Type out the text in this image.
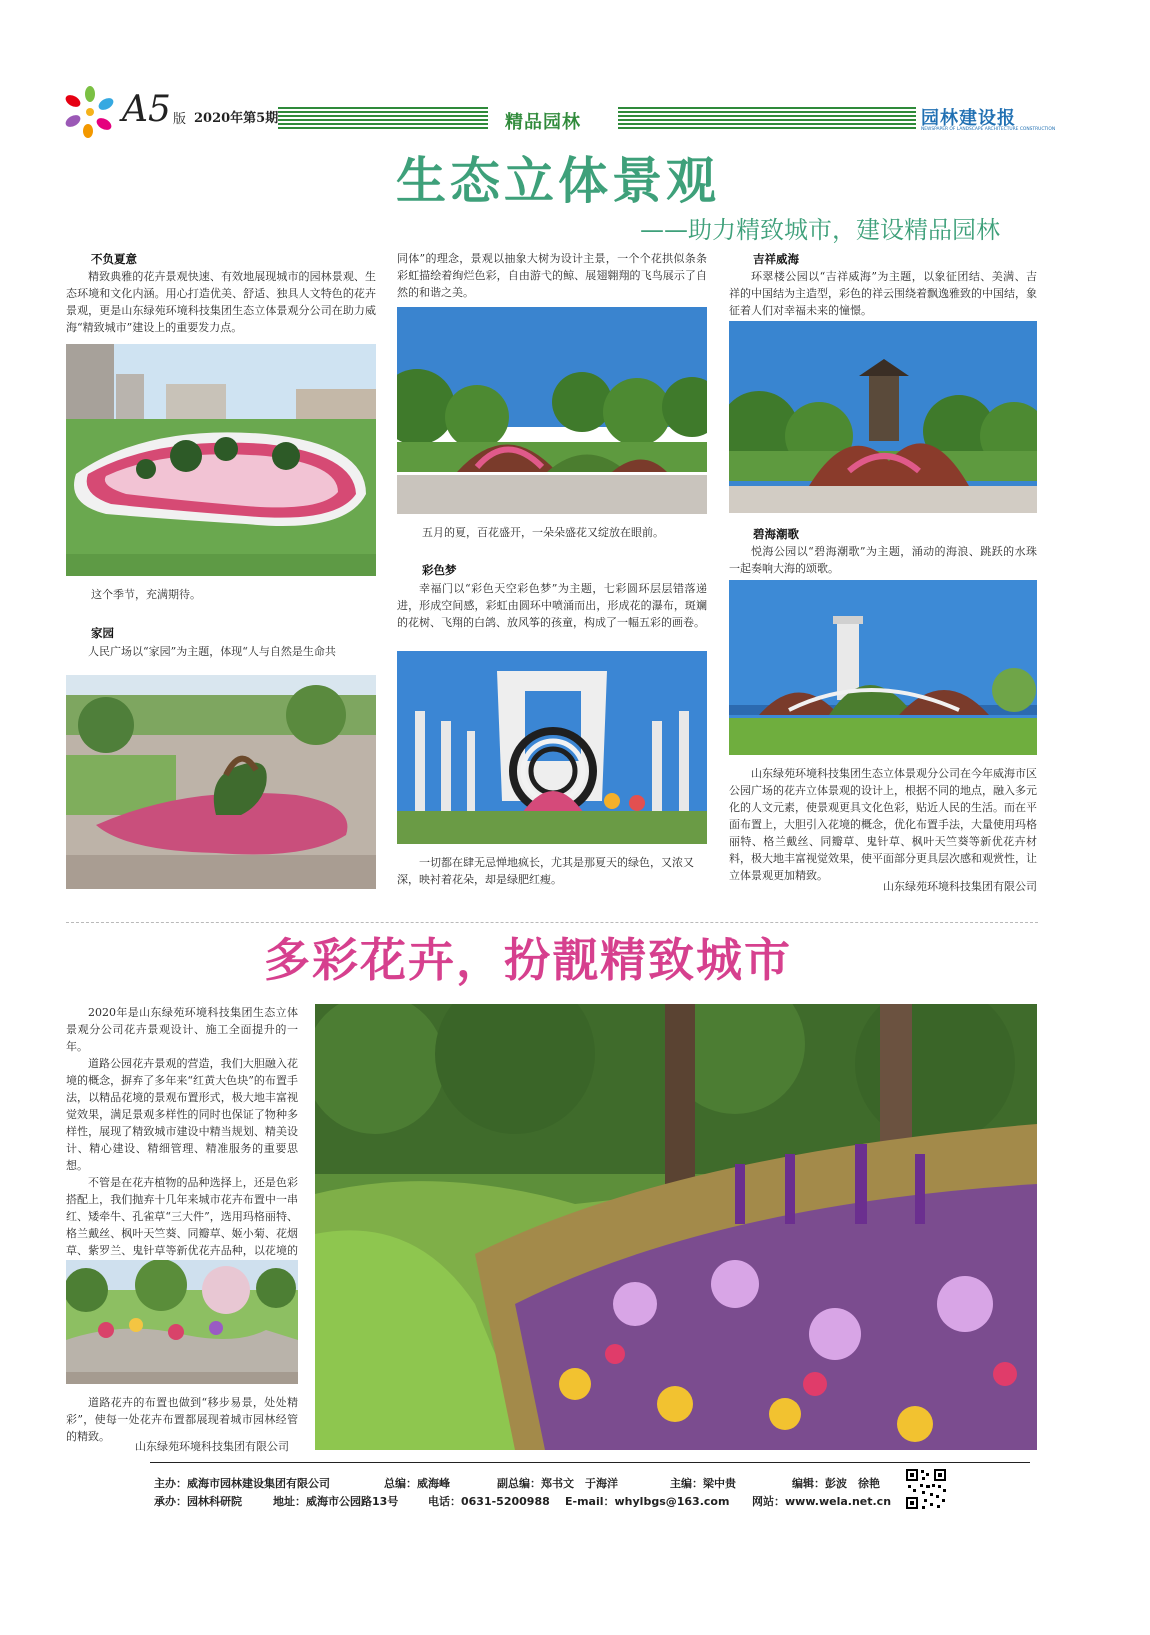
A5 版 2020年第5期	精品园林	园林建设报
NEWSPAPER OF LANDSCAPE ARCHITECTURE CONSTRUCTION
生态立体景观
——助力精致城市，建设精品园林
不负夏意

精致典雅的花卉景观快速、有效地展现城市的园林景观、生态环境和文化内涵。用心打造优美、舒适、独具人文特色的花卉景观，更是山东绿苑环境科技集团生态立体景观分公司在助力威海“精致城市”建设上的重要发力点。

这个季节，充满期待。
家园

人民广场以“家园”为主题，体现“人与自然是生命共

同体”的理念，景观以抽象大树为设计主景，一个个花拱似条条彩虹描绘着绚烂色彩，自由游弋的鲸、展翅翱翔的飞鸟展示了自然的和谐之美。

五月的夏，百花盛开，一朵朵盛花又绽放在眼前。
彩色梦

幸福门以“彩色天空彩色梦”为主题，七彩圆环层层错落递进，形成空间感，彩虹由圆环中喷涌而出，形成花的瀑布，斑斓的花树、飞翔的白鸽、放风筝的孩童，构成了一幅五彩的画卷。

一切都在肆无忌惮地疯长，尤其是那夏天的绿色，又浓又深，映衬着花朵，却是绿肥红瘦。
吉祥威海

环翠楼公园以“吉祥威海”为主题，以象征团结、美满、吉祥的中国结为主造型，彩色的祥云围绕着飘逸雅致的中国结，象征着人们对幸福未来的憧憬。

碧海潮歌

悦海公园以“碧海潮歌”为主题，涌动的海浪、跳跃的水珠一起奏响大海的颂歌。

山东绿苑环境科技集团生态立体景观分公司在今年威海市区公园广场的花卉立体景观的设计上，根据不同的地点，融入多元化的人文元素，使景观更具文化色彩，贴近人民的生活。而在平面布置上，大胆引入花境的概念，优化布置手法，大量使用玛格丽特、格兰戴丝、同瓣草、鬼针草、枫叶天竺葵等新优花卉材料，极大地丰富视觉效果，使平面部分更具层次感和观赏性，让立体景观更加精致。

山东绿苑环境科技集团有限公司
多彩花卉，扮靓精致城市

2020年是山东绿苑环境科技集团生态立体景观分公司花卉景观设计、施工全面提升的一年。

道路公园花卉景观的营造，我们大胆融入花境的概念，摒弃了多年来“红黄大色块”的布置手法，以精品花境的景观布置形式，极大地丰富视觉效果，满足景观多样性的同时也保证了物种多样性，展现了精致城市建设中精当规划、精美设计、精心建设、精细管理、精准服务的重要思想。

不管是在花卉植物的品种选择上，还是色彩搭配上，我们抛弃十几年来城市花卉布置中一串红、矮牵牛、孔雀草“三大件”，选用玛格丽特、格兰戴丝、枫叶天竺葵、同瓣草、姬小菊、花烟草、紫罗兰、鬼针草等新优花卉品种，以花境的

道路花卉的布置也做到“移步易景，处处精彩”，使每一处花卉布置都展现着城市园林经管的精致。

山东绿苑环境科技集团有限公司
主办：威海市园林建设集团有限公司	总编：威海峰	副总编：郑书文　于海洋	主编：梁中贵	编辑：彭波　徐艳
承办：园林科研院	地址：威海市公园路13号	电话：0631-5200988 E-mail：whylbgs@163.com 网站：www.wela.net.cn
